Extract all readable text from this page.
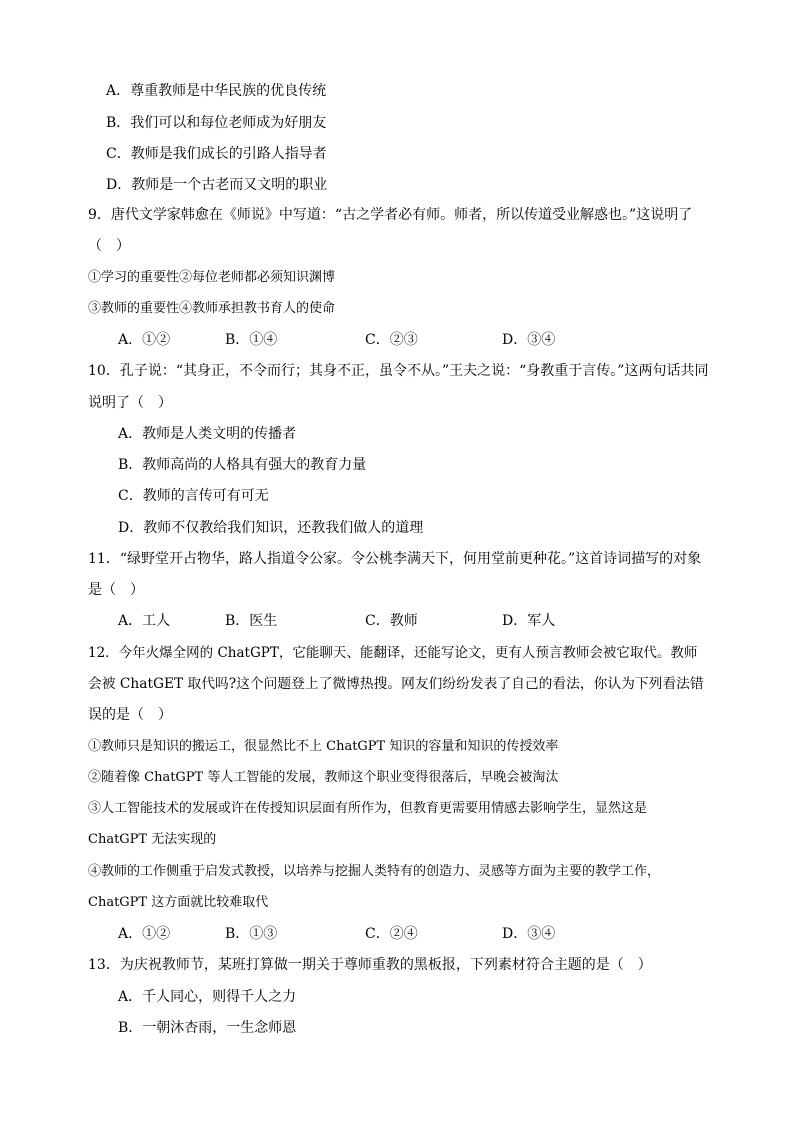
A．尊重教师是中华民族的优良传统
B．我们可以和每位老师成为好朋友
C．教师是我们成长的引路人指导者
D．教师是一个古老而又文明的职业
9．唐代文学家韩愈在《师说》中写道：“古之学者必有师。师者，所以传道受业解惑也。”这说明了
（　）
①学习的重要性②每位老师都必须知识渊博
③教师的重要性④教师承担教书育人的使命
A．①②	B．①④	C．②③	D．③④
10．孔子说：“其身正，不令而行；其身不正，虽令不从。”王夫之说：“身教重于言传。”这两句话共同
说明了（　）
A．教师是人类文明的传播者
B．教师高尚的人格具有强大的教育力量
C．教师的言传可有可无
D．教师不仅教给我们知识，还教我们做人的道理
11．“绿野堂开占物华，路人指道令公家。令公桃李满天下，何用堂前更种花。”这首诗词描写的对象
是（　）
A．工人	B．医生	C．教师	D．军人
12．今年火爆全网的 ChatGPT，它能聊天、能翻译，还能写论文，更有人预言教师会被它取代。教师
会被 ChatGET 取代吗?这个问题登上了微博热搜。网友们纷纷发表了自己的看法，你认为下列看法错
误的是（　）
①教师只是知识的搬运工，很显然比不上 ChatGPT 知识的容量和知识的传授效率
②随着像 ChatGPT 等人工智能的发展，教师这个职业变得很落后，早晚会被淘汰
③人工智能技术的发展或许在传授知识层面有所作为，但教育更需要用情感去影响学生，显然这是
ChatGPT 无法实现的
④教师的工作侧重于启发式教授，以培养与挖掘人类特有的创造力、灵感等方面为主要的教学工作，
ChatGPT 这方面就比较难取代
A．①②	B．①③	C．②④	D．③④
13．为庆祝教师节，某班打算做一期关于尊师重教的黑板报，下列素材符合主题的是（　）
A．千人同心，则得千人之力
B．一朝沐杏雨，一生念师恩
